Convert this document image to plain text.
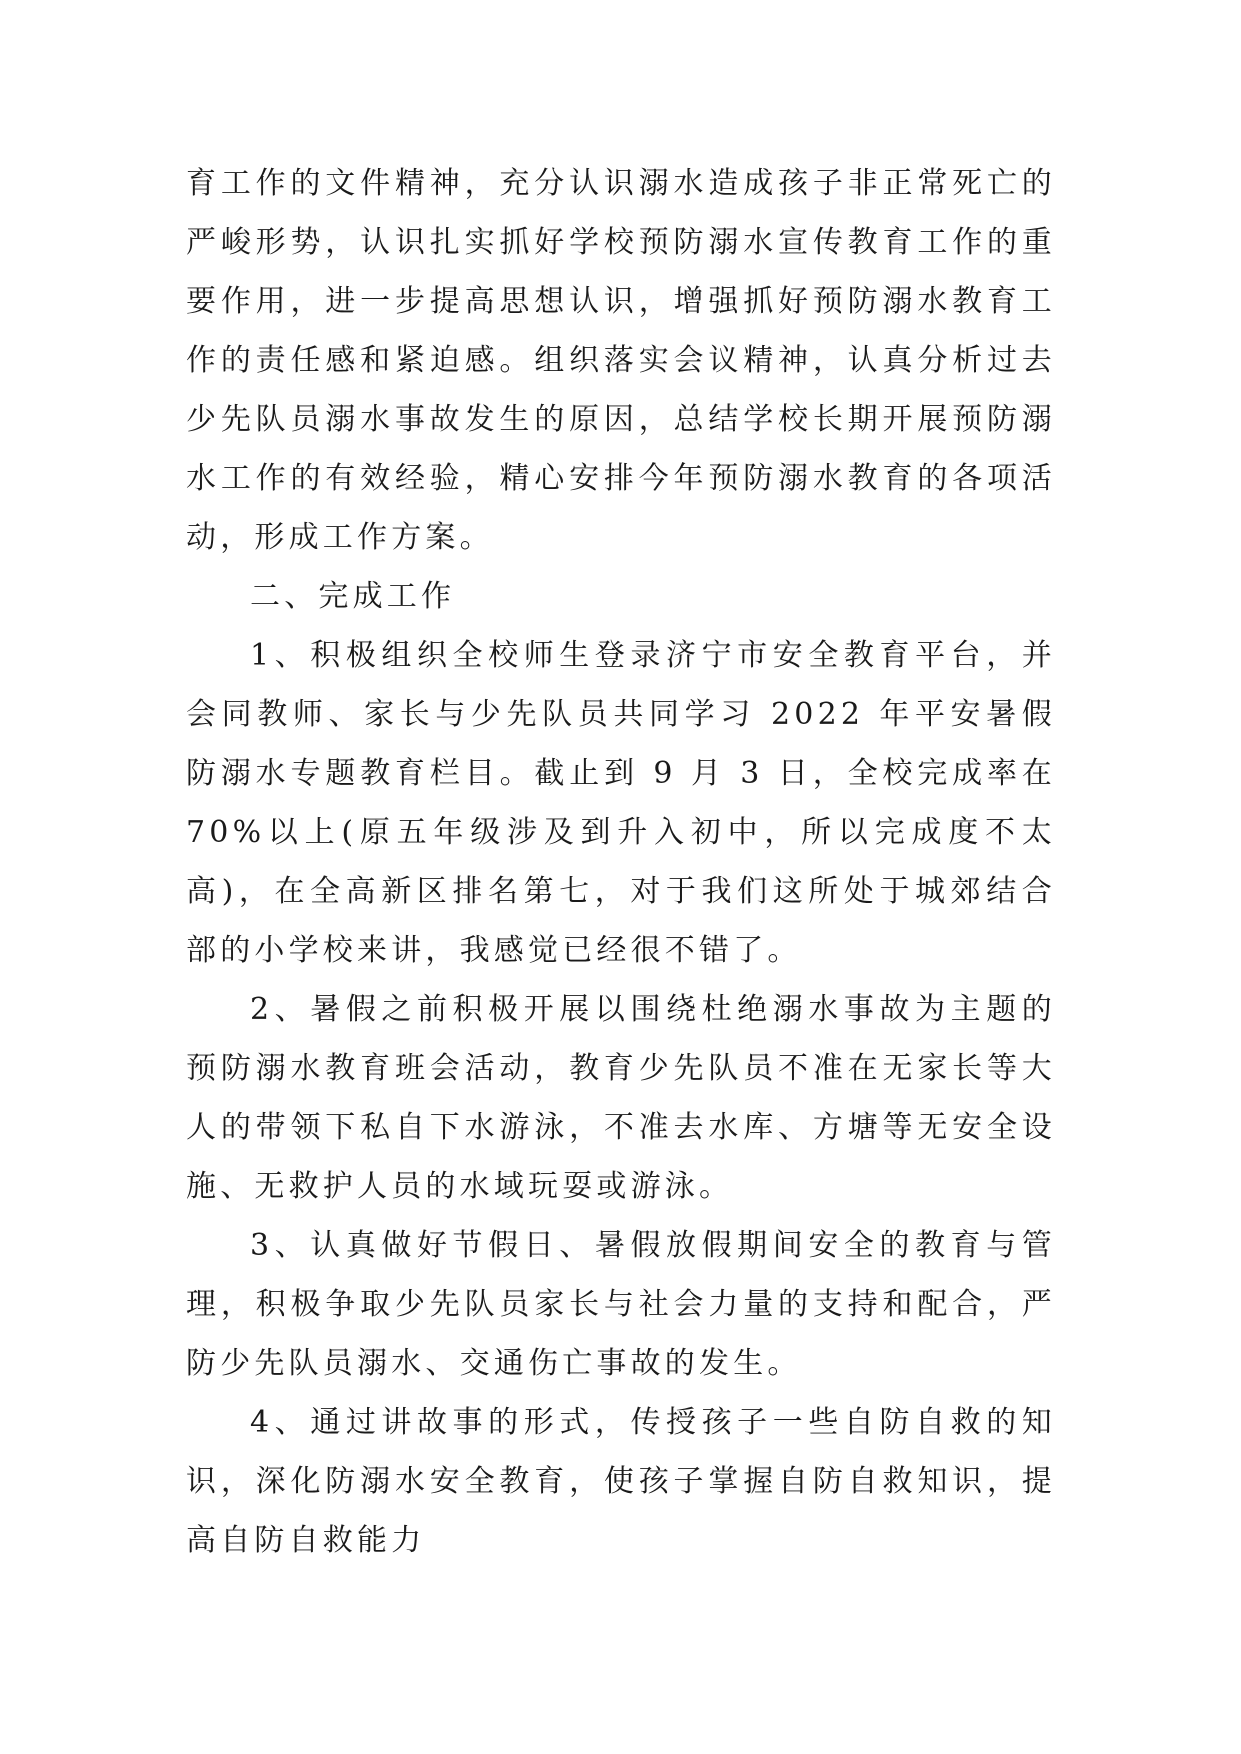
育工作的文件精神，充分认识溺水造成孩子非正常死亡的严峻形势，认识扎实抓好学校预防溺水宣传教育工作的重要作用，进一步提高思想认识，增强抓好预防溺水教育工作的责任感和紧迫感。组织落实会议精神，认真分析过去少先队员溺水事故发生的原因，总结学校长期开展预防溺水工作的有效经验，精心安排今年预防溺水教育的各项活动，形成工作方案。

二、完成工作

1、积极组织全校师生登录济宁市安全教育平台，并会同教师、家长与少先队员共同学习 2022 年平安暑假防溺水专题教育栏目。截止到 9 月 3 日，全校完成率在 70%以上(原五年级涉及到升入初中，所以完成度不太高)，在全高新区排名第七，对于我们这所处于城郊结合部的小学校来讲，我感觉已经很不错了。

2、暑假之前积极开展以围绕杜绝溺水事故为主题的预防溺水教育班会活动，教育少先队员不准在无家长等大人的带领下私自下水游泳，不准去水库、方塘等无安全设施、无救护人员的水域玩耍或游泳。

3、认真做好节假日、暑假放假期间安全的教育与管理，积极争取少先队员家长与社会力量的支持和配合，严防少先队员溺水、交通伤亡事故的发生。

4、通过讲故事的形式，传授孩子一些自防自救的知识，深化防溺水安全教育，使孩子掌握自防自救知识，提高自防自救能力
